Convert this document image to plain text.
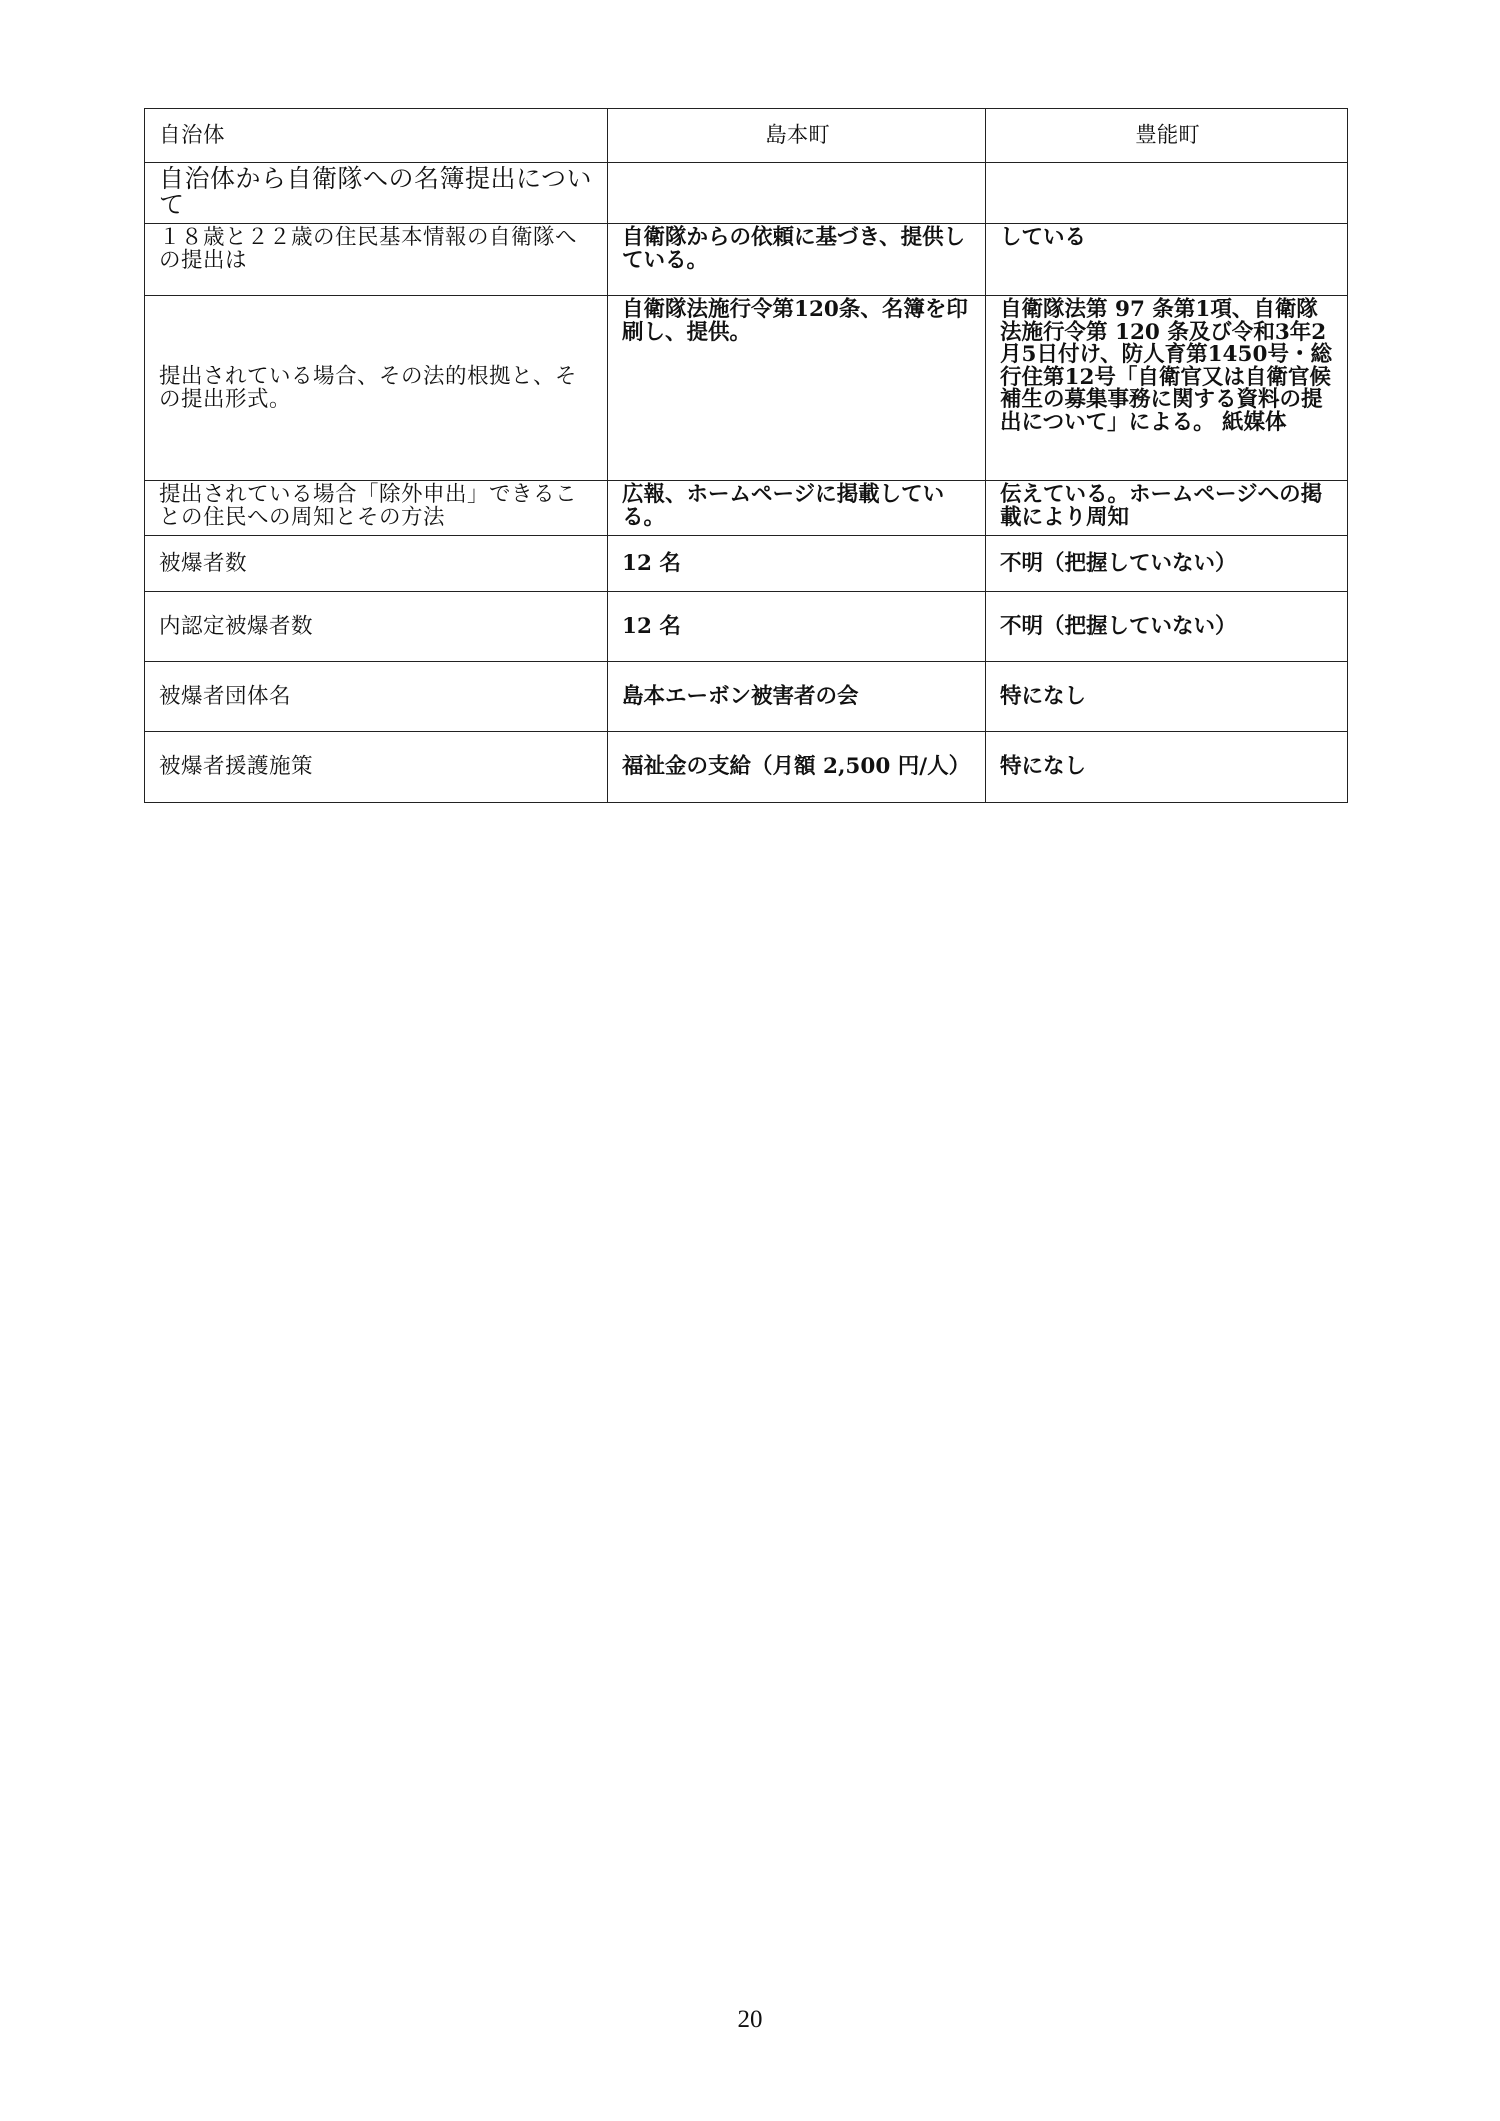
自治体	島本町	豊能町
自治体から自衛隊への名簿提出について		
１８歳と２２歳の住民基本情報の自衛隊への提出は	自衛隊からの依頼に基づき、提供している。	している
提出されている場合、その法的根拠と、その提出形式。	自衛隊法施行令第120条、名簿を印刷し、提供。	自衛隊法第 97 条第1項、自衛隊法施行令第 120 条及び令和3年2月5日付け、防人育第1450号・総行住第12号「自衛官又は自衛官候補生の募集事務に関する資料の提出について」による。 紙媒体
提出されている場合「除外申出」できることの住民への周知とその方法	広報、ホームページに掲載している。	伝えている。ホームページへの掲載により周知
被爆者数	12 名	不明（把握していない）
内認定被爆者数	12 名	不明（把握していない）
被爆者団体名	島本エーボン被害者の会	特になし
被爆者援護施策	福祉金の支給（月額 2,500 円/人）	特になし
20
